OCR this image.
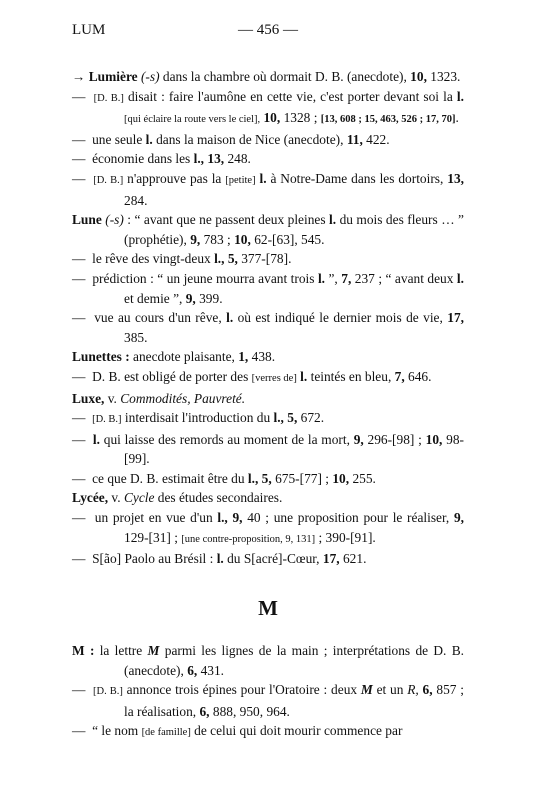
LUM	— 456 —

→ Lumière (-s) dans la chambre où dormait D. B. (anecdote), 10, 1323.

—  [D. B.] disait : faire l'aumône en cette vie, c'est porter devant soi la l. [qui éclaire la route vers le ciel], 10, 1328 ; [13, 608 ; 15, 463, 526 ; 17, 70].

—  une seule l. dans la maison de Nice (anecdote), 11, 422.

—  économie dans les l., 13, 248.

—  [D. B.] n'approuve pas la [petite] l. à Notre-Dame dans les dortoirs, 13, 284.

Lune (-s) : “ avant que ne passent deux pleines l. du mois des fleurs … ” (prophétie), 9, 783 ; 10, 62-[63], 545.

—  le rêve des vingt-deux l., 5, 377-[78].

—  prédiction : “ un jeune mourra avant trois l. ”, 7, 237 ; “ avant deux l. et demie ”, 9, 399.

—  vue au cours d'un rêve, l. où est indiqué le dernier mois de vie, 17, 385.

Lunettes : anecdote plaisante, 1, 438.

—  D. B. est obligé de porter des [verres de] l. teintés en bleu, 7, 646.

Luxe, v. Commodités, Pauvreté.

—  [D. B.] interdisait l'introduction du l., 5, 672.

—  l. qui laisse des remords au moment de la mort, 9, 296-[98] ; 10, 98-[99].

—  ce que D. B. estimait être du l., 5, 675-[77] ; 10, 255.

Lycée, v. Cycle des études secondaires.

—  un projet en vue d'un l., 9, 40 ; une proposition pour le réaliser, 9, 129-[31] ; [une contre-proposition, 9, 131] ; 390-[91].

—  S[ão] Paolo au Brésil : l. du S[acré]-Cœur, 17, 621.

M

M : la lettre M parmi les lignes de la main ; interprétations de D. B. (anecdote), 6, 431.

—  [D. B.] annonce trois épines pour l'Oratoire : deux M et un R, 6, 857 ; la réalisation, 6, 888, 950, 964.

—  “ le nom [de famille] de celui qui doit mourir commence par
